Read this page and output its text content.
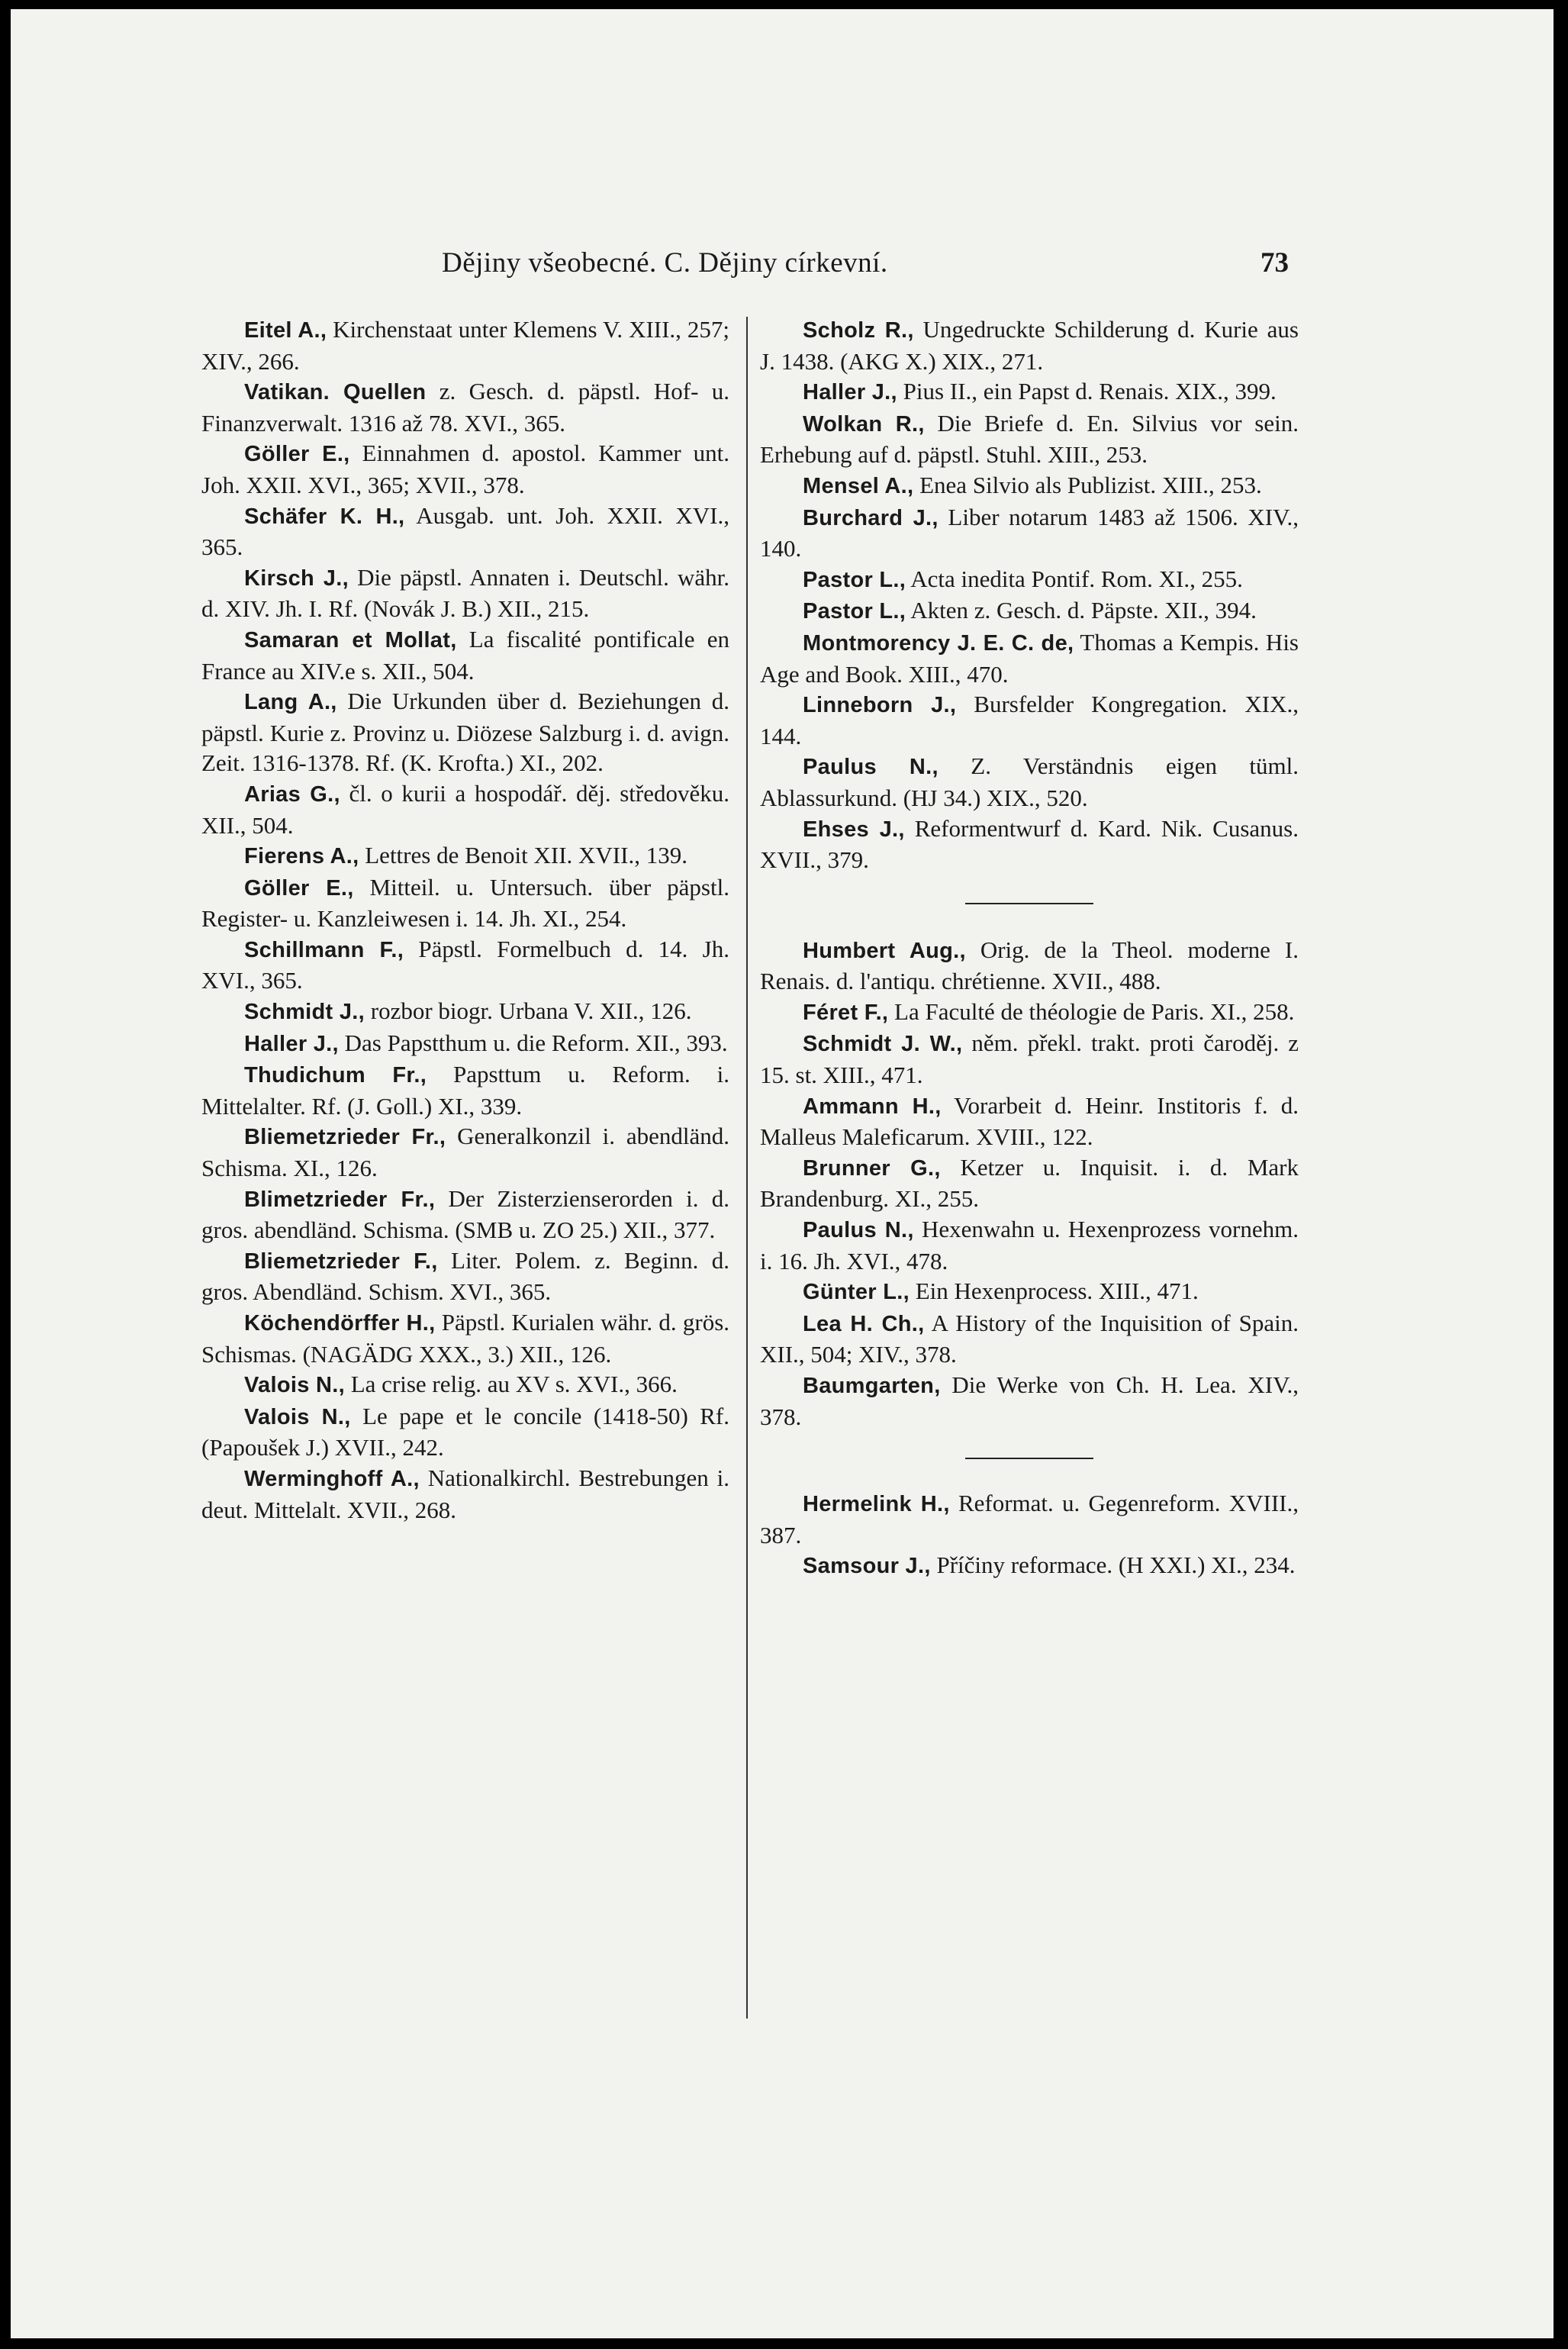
Dějiny všeobecné. C. Dějiny církevní.	73

Eitel A., Kirchenstaat unter Klemens V. XIII., 257; XIV., 266.

Vatikan. Quellen z. Gesch. d. päpstl. Hof- u. Finanzverwalt. 1316 až 78. XVI., 365.

Göller E., Einnahmen d. apostol. Kammer unt. Joh. XXII. XVI., 365; XVII., 378.

Schäfer K. H., Ausgab. unt. Joh. XXII. XVI., 365.

Kirsch J., Die päpstl. Annaten i. Deutschl. währ. d. XIV. Jh. I. Rf. (Novák J. B.) XII., 215.

Samaran et Mollat, La fiscalité pontificale en France au XIV.e s. XII., 504.

Lang A., Die Urkunden über d. Beziehungen d. päpstl. Kurie z. Provinz u. Diözese Salzburg i. d. avign. Zeit. 1316-1378. Rf. (K. Krofta.) XI., 202.

Arias G., čl. o kurii a hospodář. děj. středověku. XII., 504.

Fierens A., Lettres de Benoit XII. XVII., 139.

Göller E., Mitteil. u. Untersuch. über päpstl. Register- u. Kanzleiwesen i. 14. Jh. XI., 254.

Schillmann F., Päpstl. Formelbuch d. 14. Jh. XVI., 365.

Schmidt J., rozbor biogr. Urbana V. XII., 126.

Haller J., Das Papstthum u. die Reform. XII., 393.

Thudichum Fr., Papsttum u. Reform. i. Mittelalter. Rf. (J. Goll.) XI., 339.

Bliemetzrieder Fr., Generalkonzil i. abendländ. Schisma. XI., 126.

Blimetzrieder Fr., Der Zisterzienserorden i. d. gros. abendländ. Schisma. (SMB u. ZO 25.) XII., 377.

Bliemetzrieder F., Liter. Polem. z. Beginn. d. gros. Abendländ. Schism. XVI., 365.

Köchendörffer H., Päpstl. Kurialen währ. d. grös. Schismas. (NAGÄDG XXX., 3.) XII., 126.

Valois N., La crise relig. au XV s. XVI., 366.

Valois N., Le pape et le concile (1418-50) Rf. (Papoušek J.) XVII., 242.

Werminghoff A., Nationalkirchl. Bestrebungen i. deut. Mittelalt. XVII., 268.

Scholz R., Ungedruckte Schilderung d. Kurie aus J. 1438. (AKG X.) XIX., 271.

Haller J., Pius II., ein Papst d. Renais. XIX., 399.

Wolkan R., Die Briefe d. En. Silvius vor sein. Erhebung auf d. päpstl. Stuhl. XIII., 253.

Mensel A., Enea Silvio als Publizist. XIII., 253.

Burchard J., Liber notarum 1483 až 1506. XIV., 140.

Pastor L., Acta inedita Pontif. Rom. XI., 255.

Pastor L., Akten z. Gesch. d. Päpste. XII., 394.

Montmorency J. E. C. de, Thomas a Kempis. His Age and Book. XIII., 470.

Linneborn J., Bursfelder Kongregation. XIX., 144.

Paulus N., Z. Verständnis eigen tüml. Ablassurkund. (HJ 34.) XIX., 520.

Ehses J., Reformentwurf d. Kard. Nik. Cusanus. XVII., 379.

Humbert Aug., Orig. de la Theol. moderne I. Renais. d. l'antiqu. chrétienne. XVII., 488.

Féret F., La Faculté de théologie de Paris. XI., 258.

Schmidt J. W., něm. překl. trakt. proti čaroděj. z 15. st. XIII., 471.

Ammann H., Vorarbeit d. Heinr. Institoris f. d. Malleus Maleficarum. XVIII., 122.

Brunner G., Ketzer u. Inquisit. i. d. Mark Brandenburg. XI., 255.

Paulus N., Hexenwahn u. Hexenprozess vornehm. i. 16. Jh. XVI., 478.

Günter L., Ein Hexenprocess. XIII., 471.

Lea H. Ch., A History of the Inquisition of Spain. XII., 504; XIV., 378.

Baumgarten, Die Werke von Ch. H. Lea. XIV., 378.

Hermelink H., Reformat. u. Gegenreform. XVIII., 387.

Samsour J., Příčiny reformace. (H XXI.) XI., 234.
